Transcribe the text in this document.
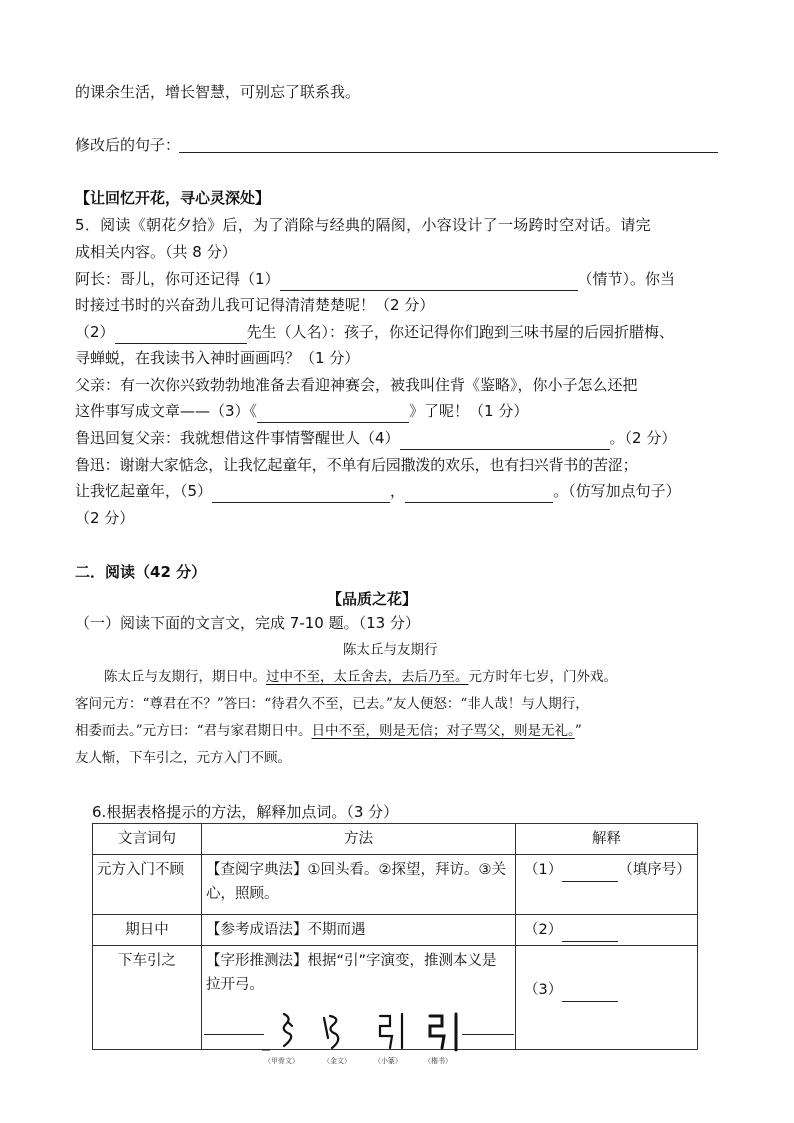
的课余生活，增长智慧，可别忘了联系我。
修改后的句子：
【让回忆开花，寻心灵深处】
5．阅读《朝花夕拾》后，为了消除与经典的隔阂，小容设计了一场跨时空对话。请完
成相关内容。（共 8 分）
阿长：哥儿，你可还记得（1）	（情节）。你当
时接过书时的兴奋劲儿我可记得清清楚楚呢！（2 分）
（2）	先生（人名）：孩子，你还记得你们跑到三味书屋的后园折腊梅、
寻蝉蜕，在我读书入神时画画吗？（1 分）
父亲：有一次你兴致勃勃地准备去看迎神赛会，被我叫住背《鉴略》，你小子怎么还把
这件事写成文章——（3）《	》了呢！（1 分）
鲁迅回复父亲：我就想借这件事情警醒世人（4）	。（2 分）
鲁迅：谢谢大家惦念，让我忆起童年，不单有后园撒泼的欢乐，也有扫兴背书的苦涩；
让我忆起童年，（5）	，	。（仿写加点句子）
（2 分）
二．阅读（42 分）
【品质之花】
（一）阅读下面的文言文，完成 7-10 题。（13 分）
陈太丘与友期行
陈太丘与友期行，期日中。过中不至，太丘舍去，去后乃至。元方时年七岁，门外戏。
客问元方：“尊君在不？”答曰：“待君久不至，已去。”友人便怒：“非人哉！与人期行，
相委而去。”元方曰：“君与家君期日中。日中不至，则是无信；对子骂父，则是无礼。”
友人惭，下车引之，元方入门不顾。
6.根据表格提示的方法，解释加点词。（3 分）
文言词句	方法	解释
元方入门不顾	【查阅字典法】①回头看。②探望，拜访。③关心，照顾。	（1） （填序号）
期日中	【参考成语法】不期而遇	（2）
下车引之	【字形推测法】根据“引”字演变，推测本义是拉开弓。	（3）
（甲骨文）	（金文）	（小篆）	（楷书）
